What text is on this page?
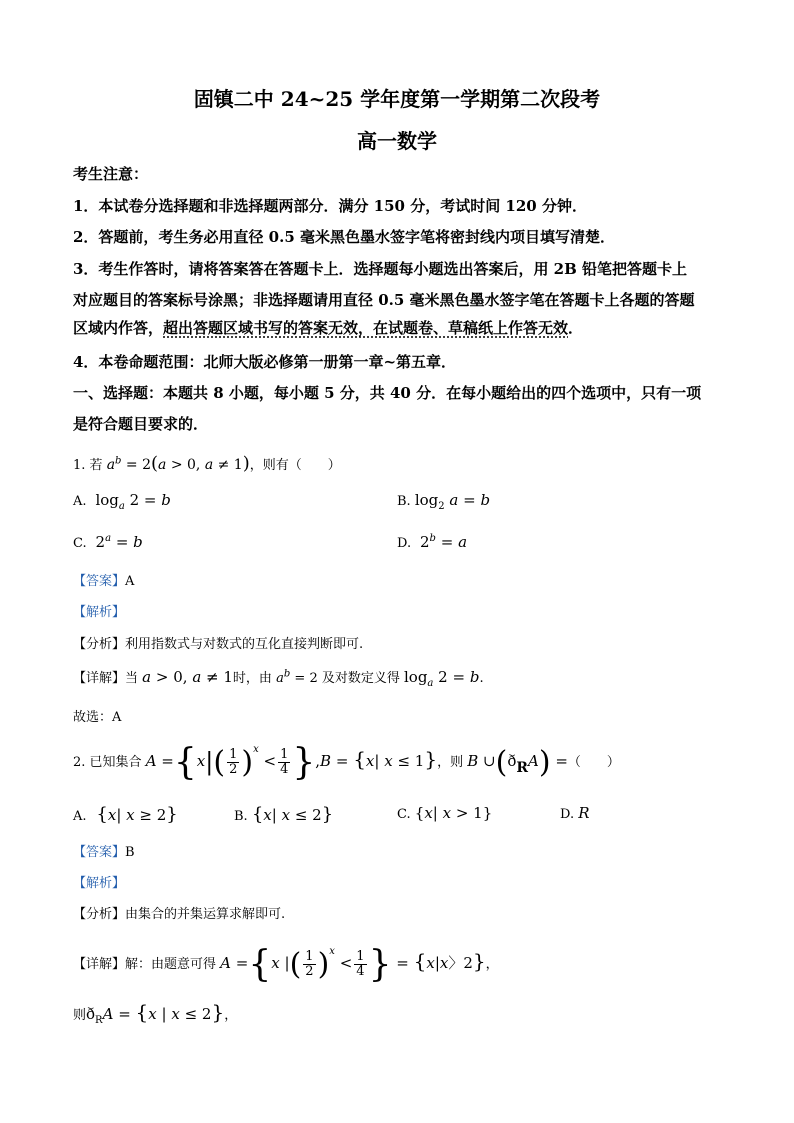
固镇二中 24~25 学年度第一学期第二次段考
高一数学
考生注意：
1．本试卷分选择题和非选择题两部分．满分 150 分，考试时间 120 分钟．
2．答题前，考生务必用直径 0.5 毫米黑色墨水签字笔将密封线内项目填写清楚．
3．考生作答时，请将答案答在答题卡上．选择题每小题选出答案后，用 2B 铅笔把答题卡上
对应题目的答案标号涂黑；非选择题请用直径 0.5 毫米黑色墨水签字笔在答题卡上各题的答题
区域内作答，超出答题区域书写的答案无效，在试题卷、草稿纸上作答无效．
4．本卷命题范围：北师大版必修第一册第一章~第五章．
一、选择题：本题共 8 小题，每小题 5 分，共 40 分．在每小题给出的四个选项中，只有一项
是符合题目要求的．
1. 若 $a^b = 2(a > 0$, a ≠ 1)，则有（　　）
A.  $\log_a 2 = b$	B. $\log_2 a = b$
C.  $2^a = b$	D.  $2^b = a$
【答案】A
【解析】
【分析】利用指数式与对数式的互化直接判断即可.
【详解】当 a > 0, a ≠ 1时，由 $a^b = 2$ 及对数定义得 $\log_a 2 = b$.
故选：A
2. 已知集合 $A =\{x|( \frac{1}{2} )^x < \frac{1}{4} \},B = \{x|$ x ≤ 1}，则 B ∪(ðRA) =（　　）
A.  {x| x ≥ 2}	B. {x| x ≤ 2}	C. {x| x > 1}	D. R
【答案】B
【解析】
【分析】由集合的并集运算求解即可.
【详解】解：由题意可得 A ={x |( $\frac{1}{2} )^x < \frac{1}{4}$ } = {x|x〉2}，
则$ð_RA = \{x$ | x ≤ 2}，
